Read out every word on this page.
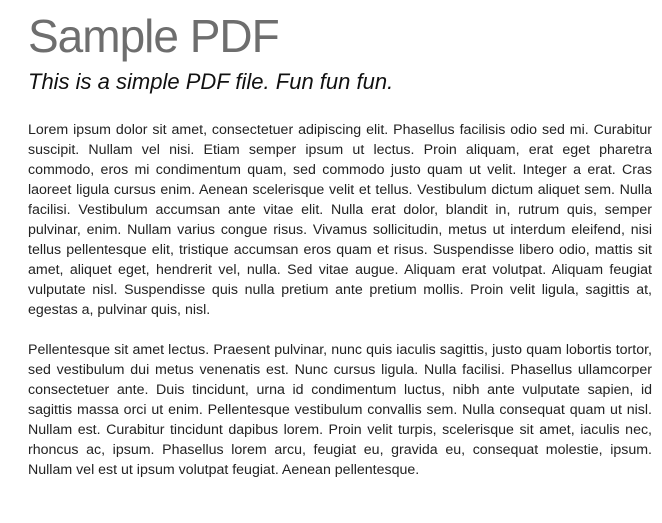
Sample PDF
This is a simple PDF file. Fun fun fun.

Lorem ipsum dolor sit amet, consectetuer adipiscing elit. Phasellus facilisis odio sed mi. Curabitur suscipit. Nullam vel nisi. Etiam semper ipsum ut lectus. Proin aliquam, erat eget pharetra commodo, eros mi condimentum quam, sed commodo justo quam ut velit. Integer a erat. Cras laoreet ligula cursus enim. Aenean scelerisque velit et tellus. Vestibulum dictum aliquet sem. Nulla facilisi. Vestibulum accumsan ante vitae elit. Nulla erat dolor, blandit in, rutrum quis, semper pulvinar, enim. Nullam varius congue risus. Vivamus sollicitudin, metus ut interdum eleifend, nisi tellus pellentesque elit, tristique accumsan eros quam et risus. Suspendisse libero odio, mattis sit amet, aliquet eget, hendrerit vel, nulla. Sed vitae augue. Aliquam erat volutpat. Aliquam feugiat vulputate nisl. Suspendisse quis nulla pretium ante pretium mollis. Proin velit ligula, sagittis at, egestas a, pulvinar quis, nisl.

Pellentesque sit amet lectus. Praesent pulvinar, nunc quis iaculis sagittis, justo quam lobortis tortor, sed vestibulum dui metus venenatis est. Nunc cursus ligula. Nulla facilisi. Phasellus ullamcorper consectetuer ante. Duis tincidunt, urna id condimentum luctus, nibh ante vulputate sapien, id sagittis massa orci ut enim. Pellentesque vestibulum convallis sem. Nulla consequat quam ut nisl. Nullam est. Curabitur tincidunt dapibus lorem. Proin velit turpis, scelerisque sit amet, iaculis nec, rhoncus ac, ipsum. Phasellus lorem arcu, feugiat eu, gravida eu, consequat molestie, ipsum. Nullam vel est ut ipsum volutpat feugiat. Aenean pellentesque.
